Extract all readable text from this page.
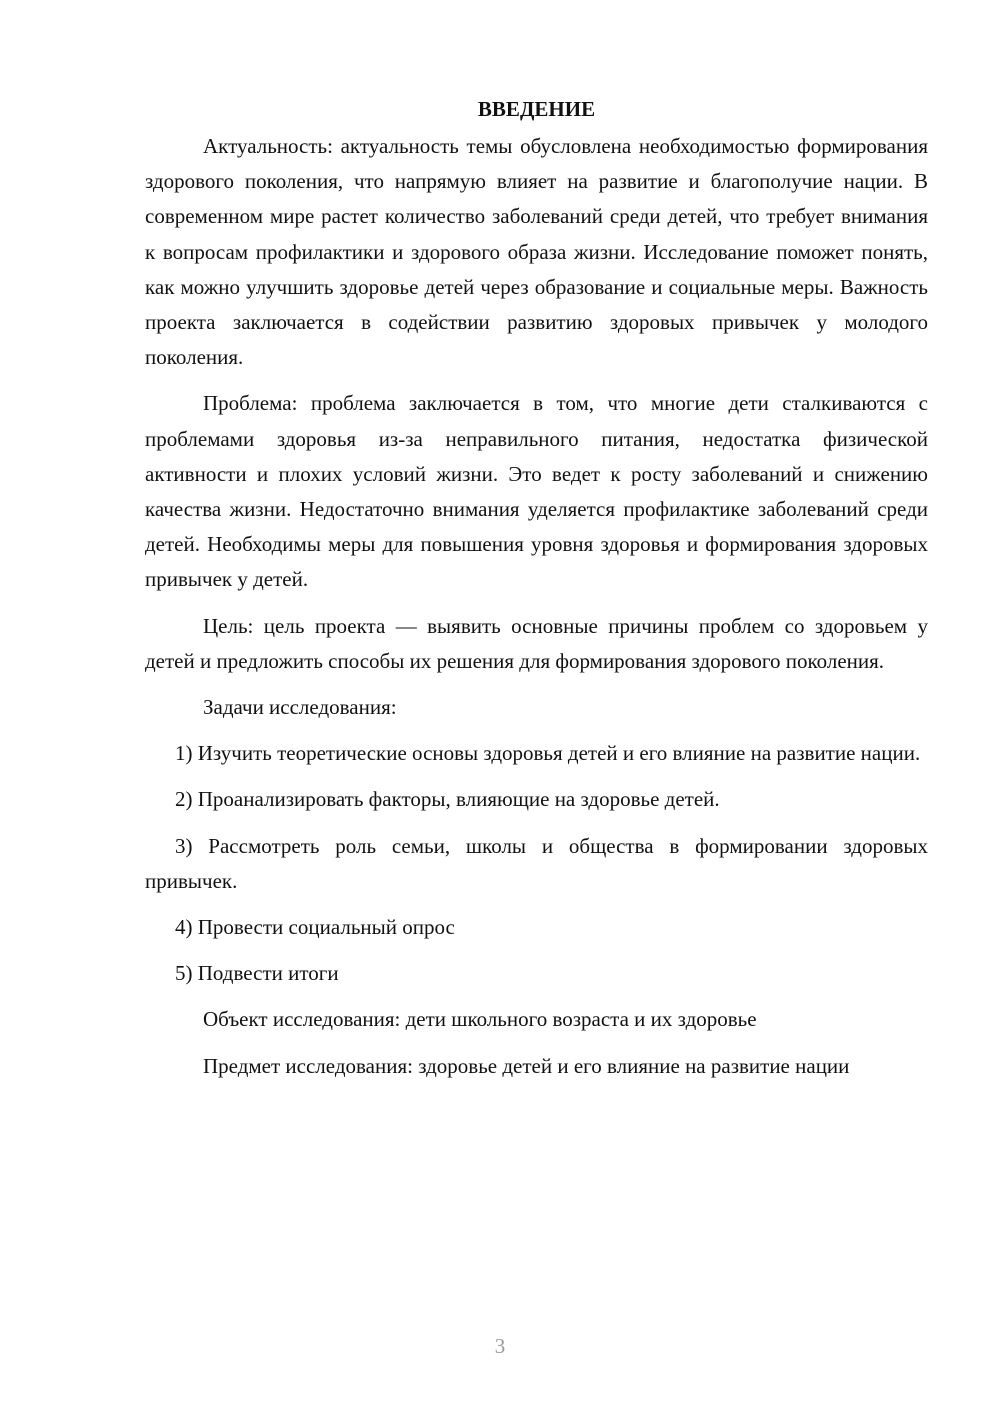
ВВЕДЕНИЕ

Актуальность: актуальность темы обусловлена необходимостью формирования здорового поколения, что напрямую влияет на развитие и благополучие нации. В современном мире растет количество заболеваний среди детей, что требует внимания к вопросам профилактики и здорового образа жизни. Исследование поможет понять, как можно улучшить здоровье детей через образование и социальные меры. Важность проекта заключается в содействии развитию здоровых привычек у молодого поколения.

Проблема: проблема заключается в том, что многие дети сталкиваются с проблемами здоровья из-за неправильного питания, недостатка физической активности и плохих условий жизни. Это ведет к росту заболеваний и снижению качества жизни. Недостаточно внимания уделяется профилактике заболеваний среди детей. Необходимы меры для повышения уровня здоровья и формирования здоровых привычек у детей.

Цель: цель проекта — выявить основные причины проблем со здоровьем у детей и предложить способы их решения для формирования здорового поколения.

Задачи исследования:

1) Изучить теоретические основы здоровья детей и его влияние на развитие нации.

2) Проанализировать факторы, влияющие на здоровье детей.

3) Рассмотреть роль семьи, школы и общества в формировании здоровых привычек.

4) Провести социальный опрос

5) Подвести итоги

Объект исследования: дети школьного возраста и их здоровье

Предмет исследования: здоровье детей и его влияние на развитие нации

3
